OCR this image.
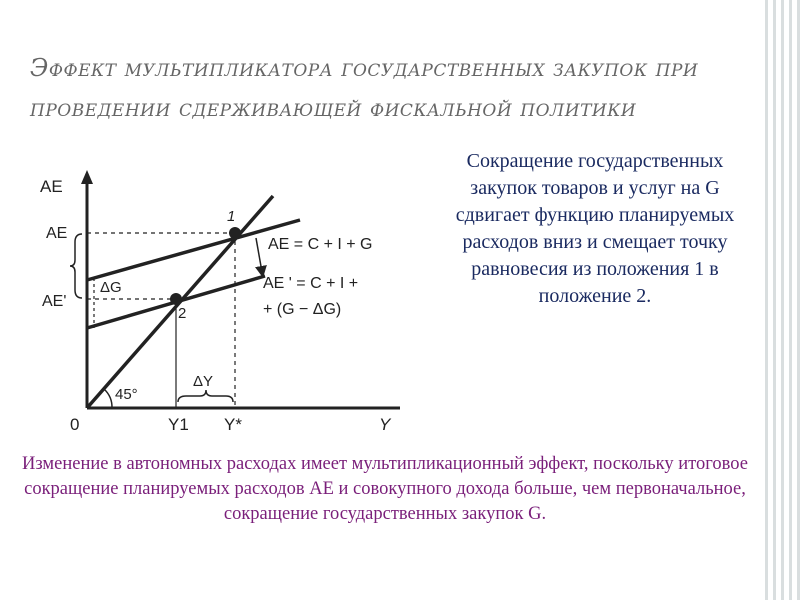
Эффект мультипликатора государственных закупок при проведении сдерживающей фискальной политики
AE
Y
0
45°
1
2
AE
AE'
ΔG
ΔY
Y1 Y*
AE = C + I + G
AE ' = C + I +
+ (G − ΔG)
Сокращение государственных закупок товаров и услуг на G сдвигает функцию планируемых расходов вниз и смещает точку равновесия из положения 1 в положение 2.
Изменение в автономных расходах имеет мультипликационный эффект, поскольку итоговое сокращение планируемых расходов АЕ и совокупного дохода больше, чем первоначальное, сокращение государственных закупок G.
